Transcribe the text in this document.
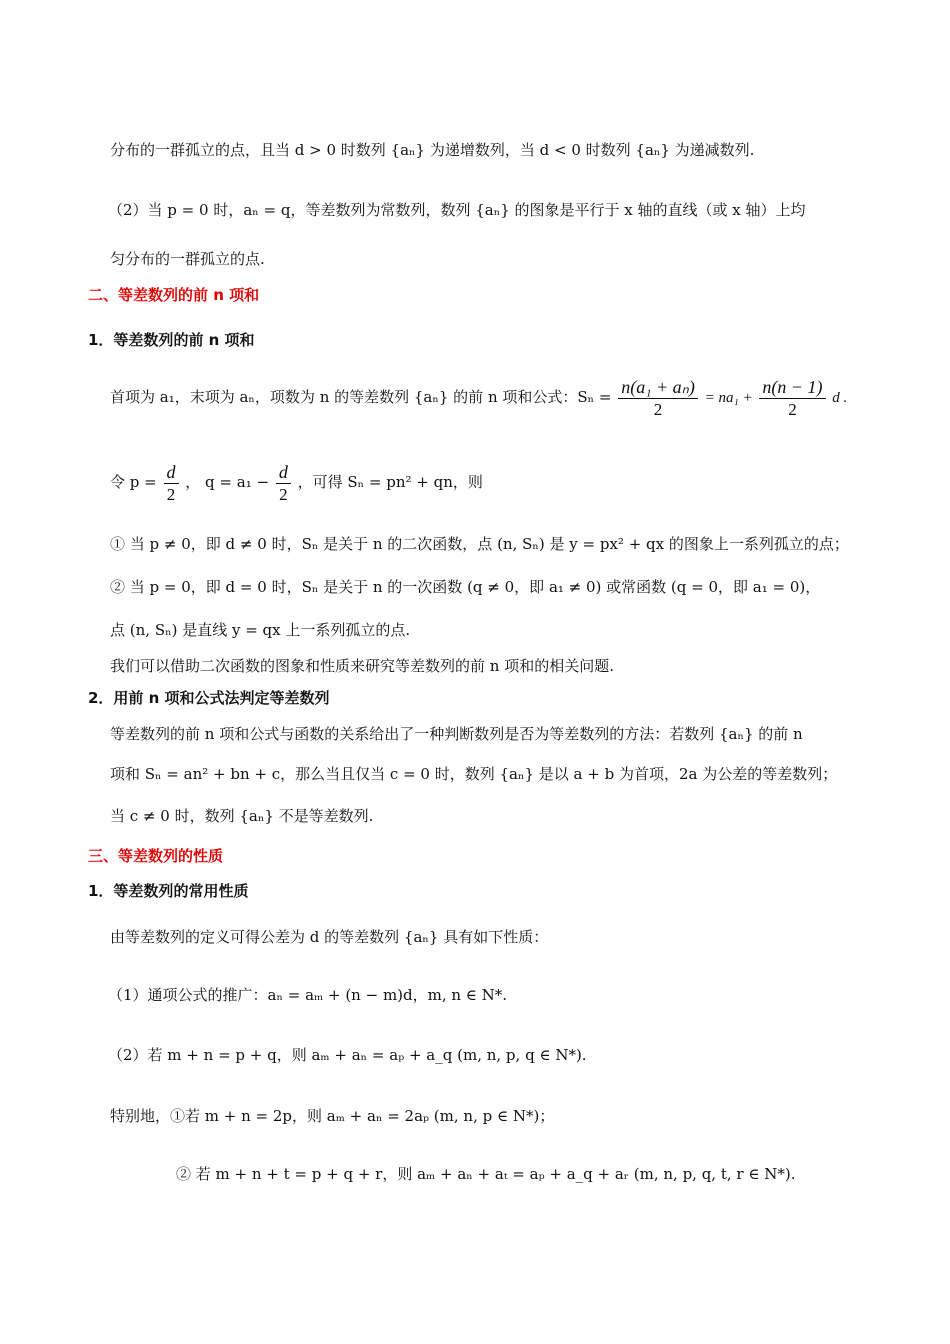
分布的一群孤立的点，且当 d > 0 时数列 {aₙ} 为递增数列，当 d < 0 时数列 {aₙ} 为递减数列.
（2）当 p = 0 时，aₙ = q，等差数列为常数列，数列 {aₙ} 的图象是平行于 x 轴的直线（或 x 轴）上均
匀分布的一群孤立的点.
二、等差数列的前 n 项和
1．等差数列的前 n 项和
首项为 a₁，末项为 aₙ，项数为 n 的等差数列 {aₙ} 的前 n 项和公式：$S_n = \frac{\text{n(a₁ + aₙ)}}{2} = na_1 + \frac{n(n - 1)}{2}$ d .
令 $p = \frac{d}{2}$ ， $q = a_1 - \frac{d}{2}$ ，可得 Sₙ = pn² + qn，则
① 当 p ≠ 0，即 d ≠ 0 时，Sₙ 是关于 n 的二次函数，点 (n, Sₙ) 是 y = px² + qx 的图象上一系列孤立的点；
② 当 p = 0，即 d = 0 时，Sₙ 是关于 n 的一次函数 (q ≠ 0，即 a₁ ≠ 0) 或常函数 (q = 0，即 a₁ = 0)，
点 (n, Sₙ) 是直线 y = qx 上一系列孤立的点.
我们可以借助二次函数的图象和性质来研究等差数列的前 n 项和的相关问题.
2．用前 n 项和公式法判定等差数列
等差数列的前 n 项和公式与函数的关系给出了一种判断数列是否为等差数列的方法：若数列 {aₙ} 的前 n
项和 Sₙ = an² + bn + c，那么当且仅当 c = 0 时，数列 {aₙ} 是以 a + b 为首项，2a 为公差的等差数列；
当 c ≠ 0 时，数列 {aₙ} 不是等差数列.
三、等差数列的性质
1．等差数列的常用性质
由等差数列的定义可得公差为 d 的等差数列 {aₙ} 具有如下性质：
（1）通项公式的推广：aₙ = aₘ + (n − m)d，m, n ∈ N*.
（2）若 m + n = p + q，则 aₘ + aₙ = aₚ + a_q (m, n, p, q ∈ N*).
特别地，①若 m + n = 2p，则 aₘ + aₙ = 2aₚ (m, n, p ∈ N*)；
② 若 m + n + t = p + q + r，则 aₘ + aₙ + aₜ = aₚ + a_q + aᵣ (m, n, p, q, t, r ∈ N*).
